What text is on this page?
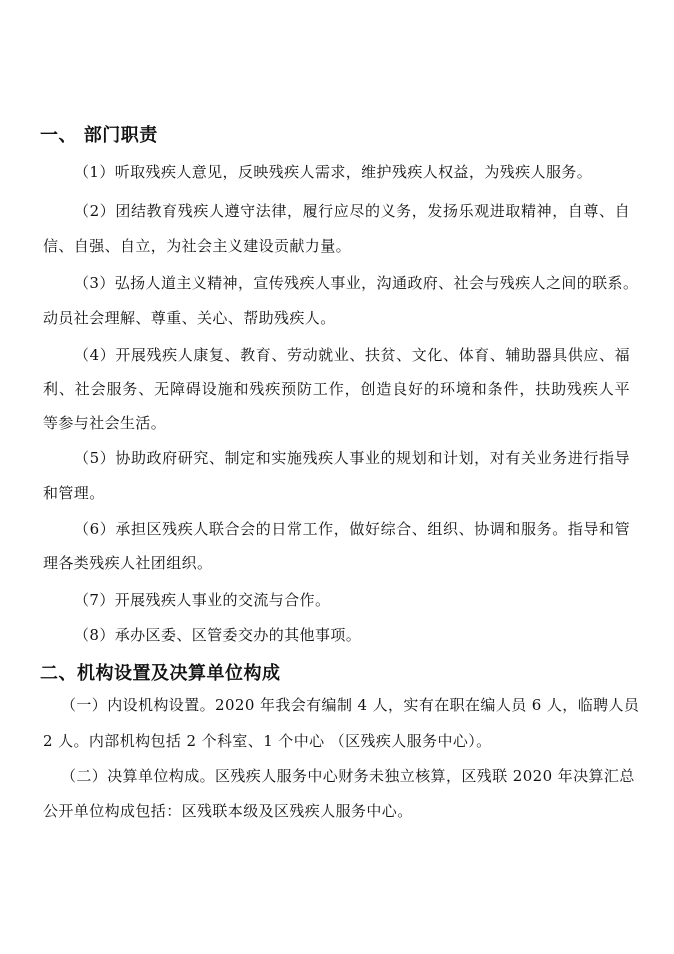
一、 部门职责
（1）听取残疾人意见，反映残疾人需求，维护残疾人权益，为残疾人服务。
（2）团结教育残疾人遵守法律，履行应尽的义务，发扬乐观进取精神，自尊、自
信、自强、自立，为社会主义建设贡献力量。
（3）弘扬人道主义精神，宣传残疾人事业，沟通政府、社会与残疾人之间的联系。
动员社会理解、尊重、关心、帮助残疾人。
（4）开展残疾人康复、教育、劳动就业、扶贫、文化、体育、辅助器具供应、福
利、社会服务、无障碍设施和残疾预防工作，创造良好的环境和条件，扶助残疾人平
等参与社会生活。
（5）协助政府研究、制定和实施残疾人事业的规划和计划，对有关业务进行指导
和管理。
（6）承担区残疾人联合会的日常工作，做好综合、组织、协调和服务。指导和管
理各类残疾人社团组织。
（7）开展残疾人事业的交流与合作。
（8）承办区委、区管委交办的其他事项。
二、机构设置及决算单位构成
（一）内设机构设置。2020 年我会有编制 4 人，实有在职在编人员 6 人，临聘人员
2 人。内部机构包括 2 个科室、1 个中心 （区残疾人服务中心）。
（二）决算单位构成。区残疾人服务中心财务未独立核算，区残联 2020 年决算汇总
公开单位构成包括：区残联本级及区残疾人服务中心。
